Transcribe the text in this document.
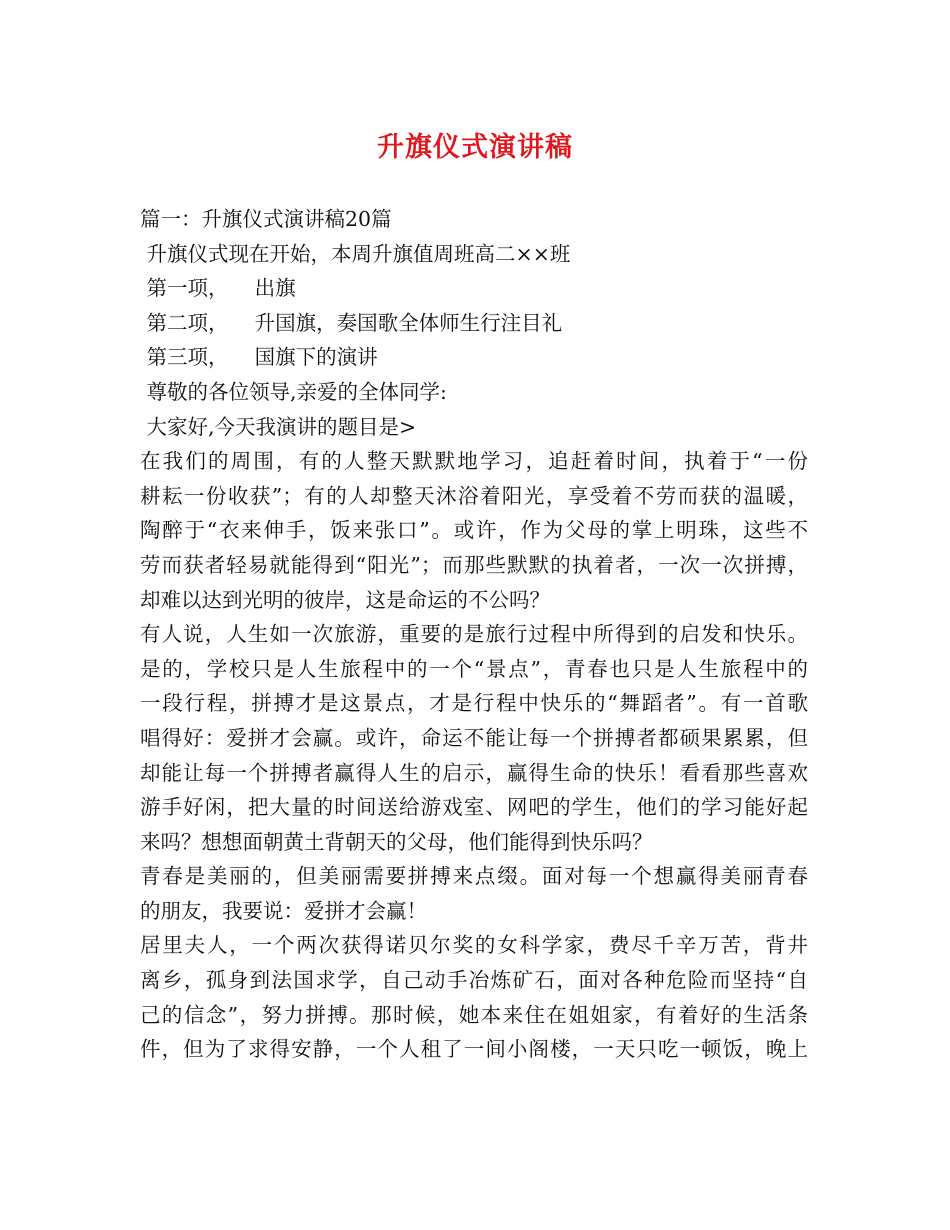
升旗仪式演讲稿
篇一：升旗仪式演讲稿20篇
升旗仪式现在开始，本周升旗值周班高二××班
第一项，    出旗
第二项，    升国旗，奏国歌全体师生行注目礼
第三项，    国旗下的演讲
尊敬的各位领导,亲爱的全体同学:
大家好,今天我演讲的题目是>
在我们的周围，有的人整天默默地学习，追赶着时间，执着于“一份
耕耘一份收获”；有的人却整天沐浴着阳光，享受着不劳而获的温暖，
陶醉于“衣来伸手，饭来张口”。或许，作为父母的掌上明珠，这些不
劳而获者轻易就能得到“阳光”；而那些默默的执着者，一次一次拼搏，
却难以达到光明的彼岸，这是命运的不公吗？
有人说，人生如一次旅游，重要的是旅行过程中所得到的启发和快乐。
是的，学校只是人生旅程中的一个“景点”，青春也只是人生旅程中的
一段行程，拼搏才是这景点，才是行程中快乐的“舞蹈者”。有一首歌
唱得好：爱拼才会赢。或许，命运不能让每一个拼搏者都硕果累累，但
却能让每一个拼搏者赢得人生的启示，赢得生命的快乐！看看那些喜欢
游手好闲，把大量的时间送给游戏室、网吧的学生，他们的学习能好起
来吗？想想面朝黄土背朝天的父母，他们能得到快乐吗？
青春是美丽的，但美丽需要拼搏来点缀。面对每一个想赢得美丽青春
的朋友，我要说：爱拼才会赢！
居里夫人，一个两次获得诺贝尔奖的女科学家，费尽千辛万苦，背井
离乡，孤身到法国求学，自己动手冶炼矿石，面对各种危险而坚持“自
己的信念”，努力拼搏。那时候，她本来住在姐姐家，有着好的生活条
件，但为了求得安静，一个人租了一间小阁楼，一天只吃一顿饭，晚上
